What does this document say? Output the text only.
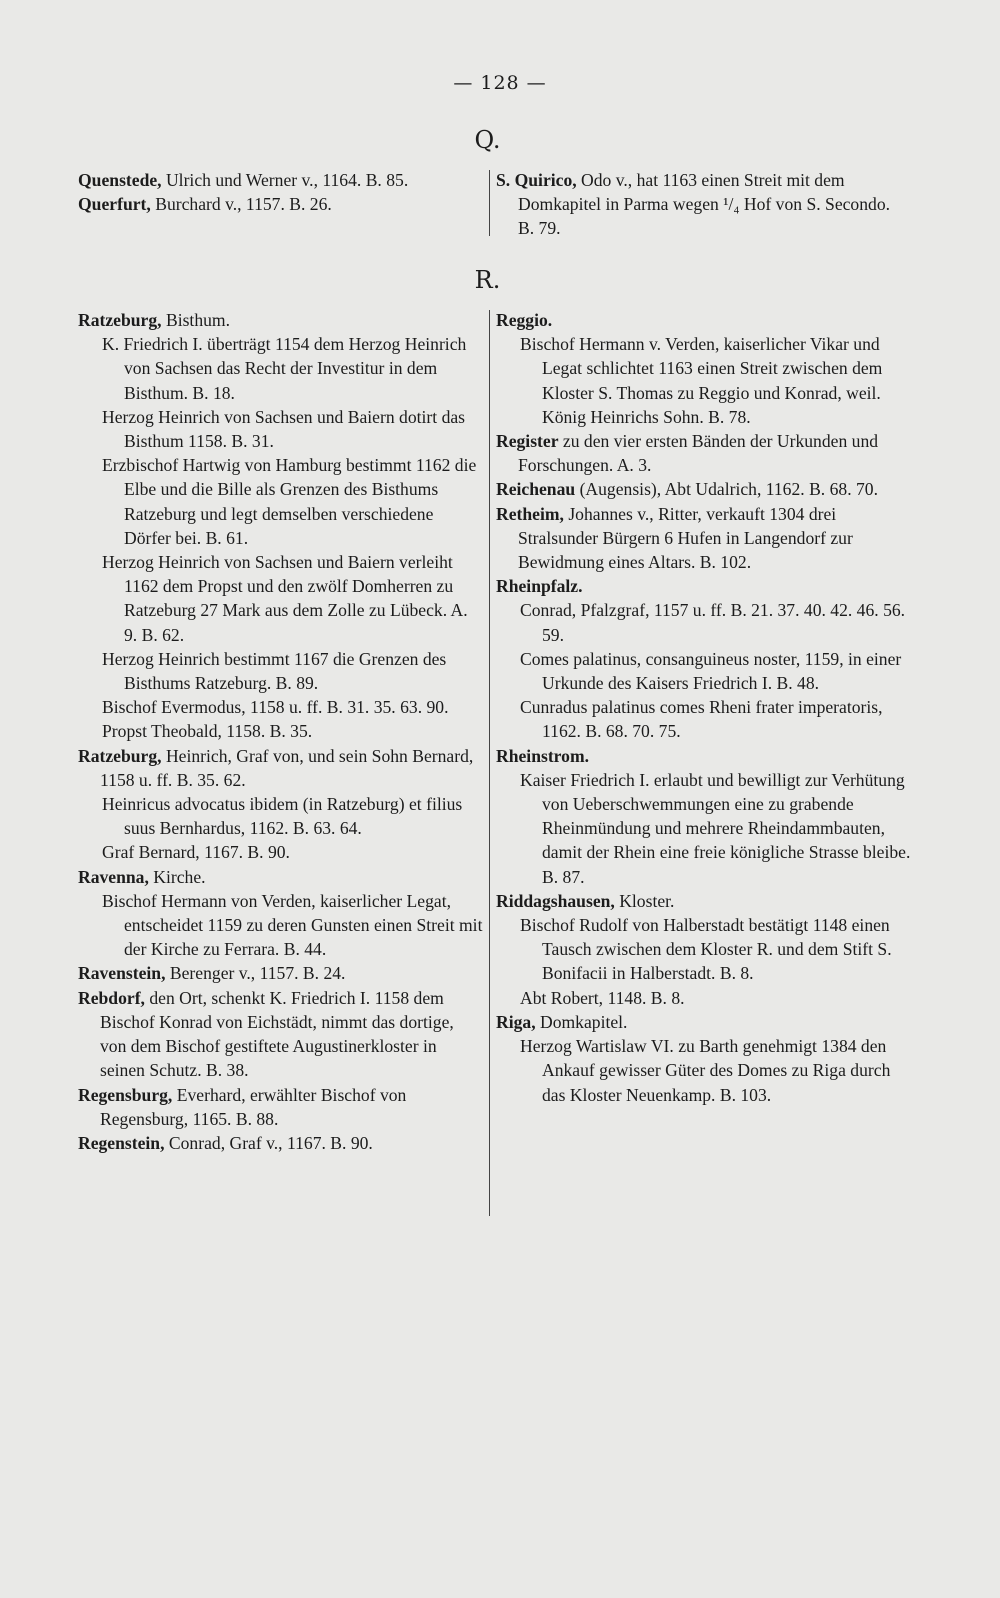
— 128 —
Q.

Quenstede, Ulrich und Werner v., 1164. B. 85.

Querfurt, Burchard v., 1157. B. 26.

S. Quirico, Odo v., hat 1163 einen Streit mit dem Domkapitel in Parma wegen ¹/₄ Hof von S. Secondo. B. 79.

R.

Ratzeburg, Bisthum.

K. Friedrich I. überträgt 1154 dem Herzog Heinrich von Sachsen das Recht der Investitur in dem Bisthum. B. 18.

Herzog Heinrich von Sachsen und Baiern dotirt das Bisthum 1158. B. 31.

Erzbischof Hartwig von Hamburg bestimmt 1162 die Elbe und die Bille als Grenzen des Bisthums Ratzeburg und legt demselben verschiedene Dörfer bei. B. 61.

Herzog Heinrich von Sachsen und Baiern verleiht 1162 dem Propst und den zwölf Domherren zu Ratzeburg 27 Mark aus dem Zolle zu Lübeck. A. 9. B. 62.

Herzog Heinrich bestimmt 1167 die Grenzen des Bisthums Ratzeburg. B. 89.

Bischof Evermodus, 1158 u. ff. B. 31. 35. 63. 90.

Propst Theobald, 1158. B. 35.

Ratzeburg, Heinrich, Graf von, und sein Sohn Bernard, 1158 u. ff. B. 35. 62.

Heinricus advocatus ibidem (in Ratzeburg) et filius suus Bernhardus, 1162. B. 63. 64.

Graf Bernard, 1167. B. 90.

Ravenna, Kirche.

Bischof Hermann von Verden, kaiserlicher Legat, entscheidet 1159 zu deren Gunsten einen Streit mit der Kirche zu Ferrara. B. 44.

Ravenstein, Berenger v., 1157. B. 24.

Rebdorf, den Ort, schenkt K. Friedrich I. 1158 dem Bischof Konrad von Eichstädt, nimmt das dortige, von dem Bischof gestiftete Augustinerkloster in seinen Schutz. B. 38.

Regensburg, Everhard, erwählter Bischof von Regensburg, 1165. B. 88.

Regenstein, Conrad, Graf v., 1167. B. 90.

Reggio.

Bischof Hermann v. Verden, kaiserlicher Vikar und Legat schlichtet 1163 einen Streit zwischen dem Kloster S. Thomas zu Reggio und Konrad, weil. König Heinrichs Sohn. B. 78.

Register zu den vier ersten Bänden der Urkunden und Forschungen. A. 3.

Reichenau (Augensis), Abt Udalrich, 1162. B. 68. 70.

Retheim, Johannes v., Ritter, verkauft 1304 drei Stralsunder Bürgern 6 Hufen in Langendorf zur Bewidmung eines Altars. B. 102.

Rheinpfalz.

Conrad, Pfalzgraf, 1157 u. ff. B. 21. 37. 40. 42. 46. 56. 59.

Comes palatinus, consanguineus noster, 1159, in einer Urkunde des Kaisers Friedrich I. B. 48.

Cunradus palatinus comes Rheni frater imperatoris, 1162. B. 68. 70. 75.

Rheinstrom.

Kaiser Friedrich I. erlaubt und bewilligt zur Verhütung von Ueberschwemmungen eine zu grabende Rheinmündung und mehrere Rheindammbauten, damit der Rhein eine freie königliche Strasse bleibe. B. 87.

Riddagshausen, Kloster.

Bischof Rudolf von Halberstadt bestätigt 1148 einen Tausch zwischen dem Kloster R. und dem Stift S. Bonifacii in Halberstadt. B. 8.

Abt Robert, 1148. B. 8.

Riga, Domkapitel.

Herzog Wartislaw VI. zu Barth genehmigt 1384 den Ankauf gewisser Güter des Domes zu Riga durch das Kloster Neuenkamp. B. 103.
